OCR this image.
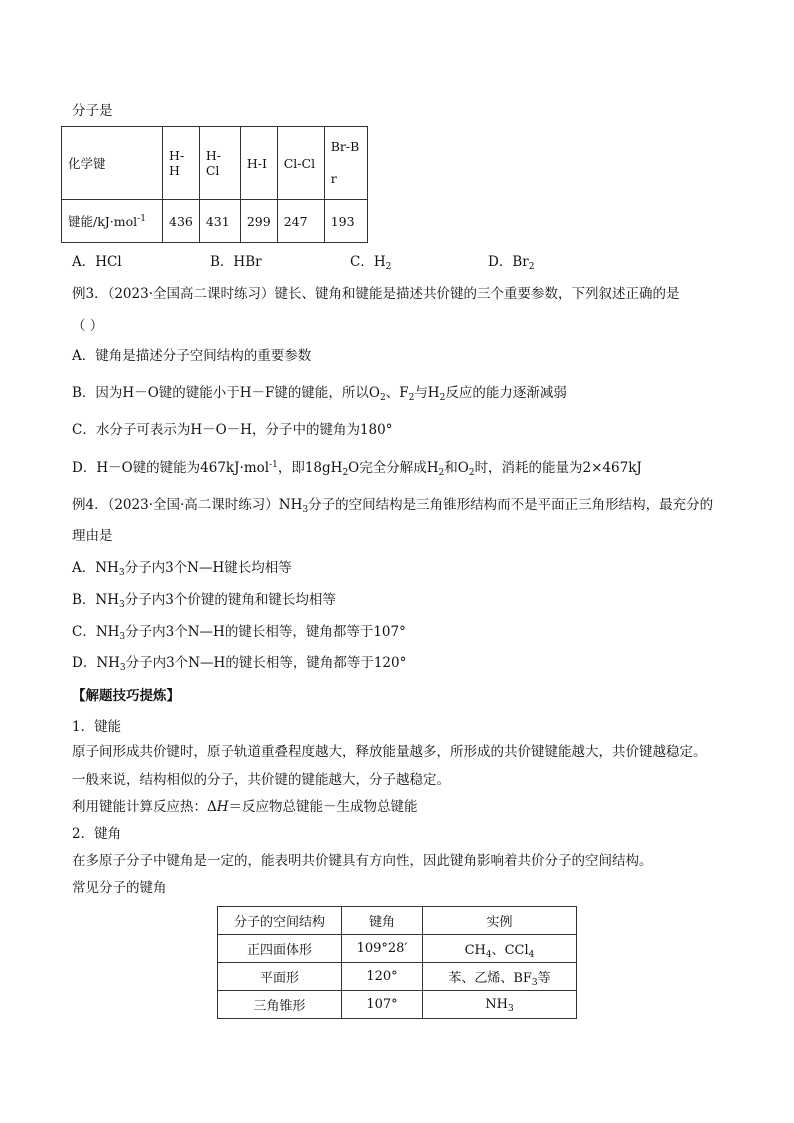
分子是
化学键	H-H	H-Cl	H-I	Cl-Cl	Br-B r
键能/kJ·mol$^{-1}$	436	431	299	247	193
A．HCl	B．HBr	C．$H_2$	D．$Br_2$
例3．（2023·全国高二课时练习）键长、键角和键能是描述共价键的三个重要参数，下列叙述正确的是
（ ）
A．键角是描述分子空间结构的重要参数
B．因为H－O键的键能小于H－F键的键能，所以$O_2$、$F_2$与$H_2$反应的能力逐渐减弱
C．水分子可表示为H－O－H，分子中的键角为180°
D．H－O键的键能为467kJ·mol$^{-1}$，即$18gH_2O$完全分解成$H_2$和$O_2$时，消耗的能量为2×467kJ
例4．（2023·全国·高二课时练习）$NH_3$分子的空间结构是三角锥形结构而不是平面正三角形结构，最充分的
理由是
A．$NH_3$分子内3个N—H键长均相等
B．$NH_3$分子内3个价键的键角和键长均相等
C．$NH_3$分子内3个N—H的键长相等，键角都等于107°
D．$NH_3$分子内3个N—H的键长相等，键角都等于120°
【解题技巧提炼】
1．键能
原子间形成共价键时，原子轨道重叠程度越大，释放能量越多，所形成的共价键键能越大，共价键越稳定。
一般来说，结构相似的分子，共价键的键能越大，分子越稳定。
利用键能计算反应热：ΔH＝反应物总键能－生成物总键能
2．键角
在多原子分子中键角是一定的，能表明共价键具有方向性，因此键角影响着共价分子的空间结构。
常见分子的键角
分子的空间结构	键角	实例
正四面体形	109°28′	$CH_4$、CCl$_4$
平面形	120°	苯、乙烯、$BF_3$等
三角锥形	107°	$NH_3$
